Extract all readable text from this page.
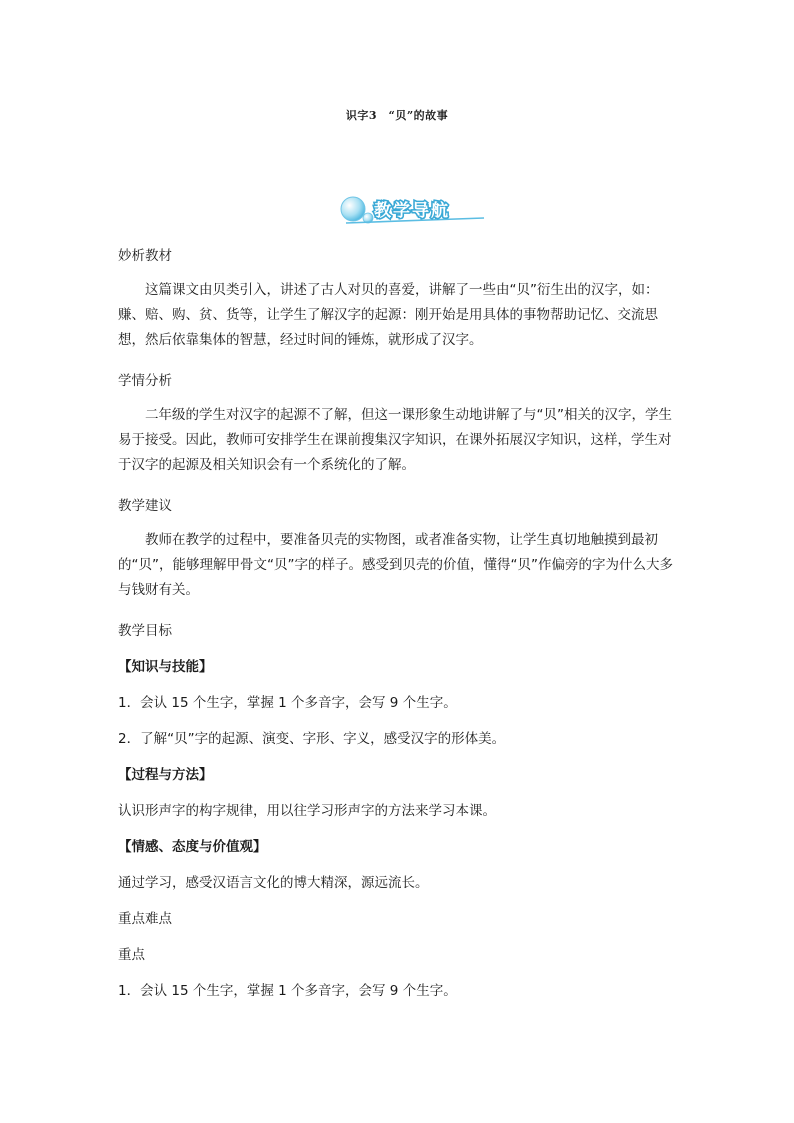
识字3　“贝”的故事
教学导航
妙析教材
这篇课文由贝类引入，讲述了古人对贝的喜爱，讲解了一些由“贝”衍生出的汉字，如：赚、赔、购、贫、货等，让学生了解汉字的起源：刚开始是用具体的事物帮助记忆、交流思想，然后依靠集体的智慧，经过时间的锤炼，就形成了汉字。
学情分析
二年级的学生对汉字的起源不了解，但这一课形象生动地讲解了与“贝”相关的汉字，学生易于接受。因此，教师可安排学生在课前搜集汉字知识，在课外拓展汉字知识，这样，学生对于汉字的起源及相关知识会有一个系统化的了解。
教学建议
教师在教学的过程中，要准备贝壳的实物图，或者准备实物，让学生真切地触摸到最初的“贝”，能够理解甲骨文“贝”字的样子。感受到贝壳的价值，懂得“贝”作偏旁的字为什么大多与钱财有关。
教学目标
【知识与技能】
1．会认 15 个生字，掌握 1 个多音字，会写 9 个生字。
2．了解“贝”字的起源、演变、字形、字义，感受汉字的形体美。
【过程与方法】
认识形声字的构字规律，用以往学习形声字的方法来学习本课。
【情感、态度与价值观】
通过学习，感受汉语言文化的博大精深，源远流长。
重点难点
重点
1．会认 15 个生字，掌握 1 个多音字，会写 9 个生字。
